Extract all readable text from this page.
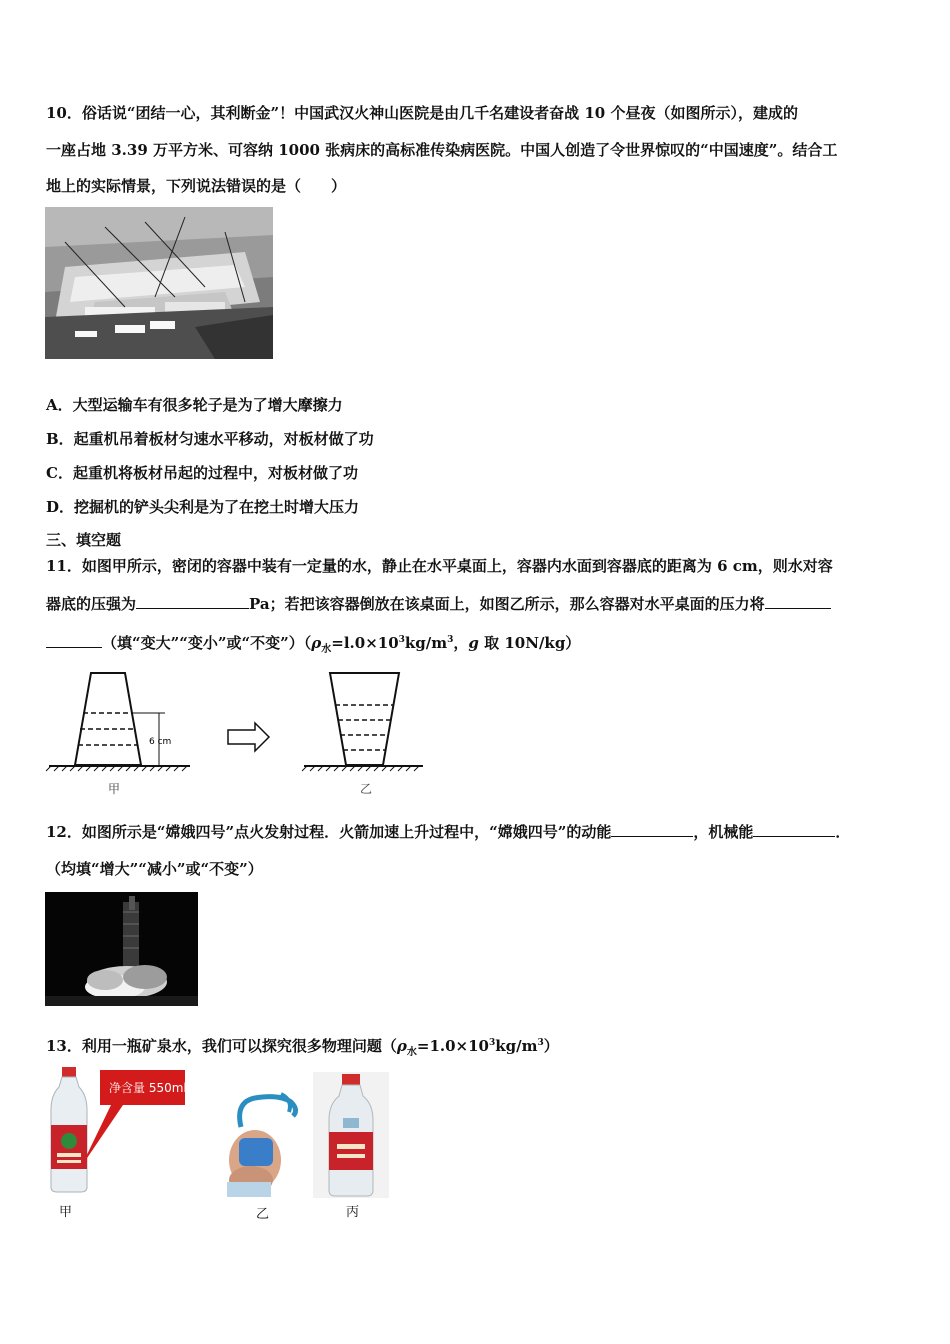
10．俗话说“团结一心，其利断金”！中国武汉火神山医院是由几千名建设者奋战 10 个昼夜（如图所示），建成的
一座占地 3.39 万平方米、可容纳 1000 张病床的高标准传染病医院。中国人创造了令世界惊叹的“中国速度”。结合工
地上的实际情景，下列说法错误的是（　　）
A．大型运输车有很多轮子是为了增大摩擦力
B．起重机吊着板材匀速水平移动，对板材做了功
C．起重机将板材吊起的过程中，对板材做了功
D．挖掘机的铲头尖利是为了在挖土时增大压力
三、填空题
11．如图甲所示，密闭的容器中装有一定量的水，静止在水平桌面上，容器内水面到容器底的距离为 6 cm，则水对容
器底的压强为	Pa；若把该容器倒放在该桌面上，如图乙所示，那么容器对水平桌面的压力将
（填“变大”“变小”或“不变$”)(\rho_水=l.0\times 10^3kg/m^3$，g 取 10N/kg）
6 cm
甲	乙
12．如图所示是“嫦娥四号”点火发射过程．火箭加速上升过程中，“嫦娥四号”的动能	，机械能	．
（均填“增大”“减小”或“不变”）
13．利用一瓶矿泉水，我们可以探究很多物理问题$(\rho_水=1.0\times 10^3kg/m^3)$
净含量 550ml
甲	乙	丙
